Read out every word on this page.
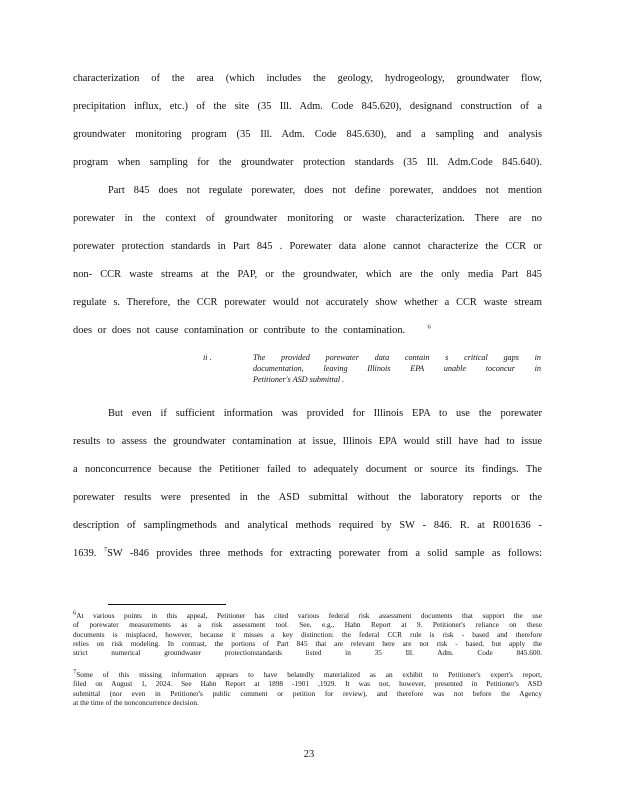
characterization of the area (which includes the geology, hydrogeology, groundwater flow,
precipitation influx, etc.) of the site (35 Ill. Adm. Code 845.620), designand construction of a
groundwater monitoring program (35 Ill. Adm. Code 845.630), and a sampling and analysis
program when sampling for the groundwater protection standards (35 Ill. Adm.Code 845.640).
Part 845 does not regulate porewater, does not define porewater, anddoes not mention
porewater in the context of groundwater monitoring or waste characterization. There are no
porewater protection standards in Part 845 . Porewater data alone cannot characterize the CCR or
non- CCR waste streams at the PAP, or the groundwater, which are the only media Part 845
regulate s. Therefore, the CCR porewater would not accurately show whether a CCR waste stream
does or does not cause contamination or contribute to the contamination.	$^6$
ii .	The provided porewater data contain s critical gaps in
documentation, leaving Illinois EPA unable toconcur in
Petitioner's ASD submittal .
But even if sufficient information was provided for Illinois EPA to use the porewater
results to assess the groundwater contamination at issue, Illinois EPA would still have had to issue
a nonconcurrence because the Petitioner failed to adequately document or source its findings. The
porewater results were presented in the ASD submittal without the laboratory reports or the
description of samplingmethods and analytical methods required by SW - 846. R. at R001636 -
1639. $^7$SW -846 provides three methods for extracting porewater from a solid sample as follows:
6At various points in this appeal, Petitioner has cited various federal risk assessment documents that support the use
of porewater measurements as a risk assessment tool. See, e.g., Hahn Report at 9. Petitioner's reliance on these
documents is misplaced, however, because it misses a key distinction: the federal CCR rule is risk - based and therefore
relies on risk modeling. In contrast, the portions of Part 845 that are relevant here are not risk - based, but apply the
strict numerical groundwater protectionstandards listed in 35 Ill. Adm. Code 845.600.
7Some of this missing information appears to have belatedly materialized as an exhibit to Petitioner's expert's report,
filed on August 1, 2024. See Hahn Report at 1898 -1901 ,1929. It was not, however, presented in Petitioner's ASD
submittal (nor even in Petitioner's public comment or petition for review), and therefore was not before the Agency
at the time of the nonconcurrence decision.
23
